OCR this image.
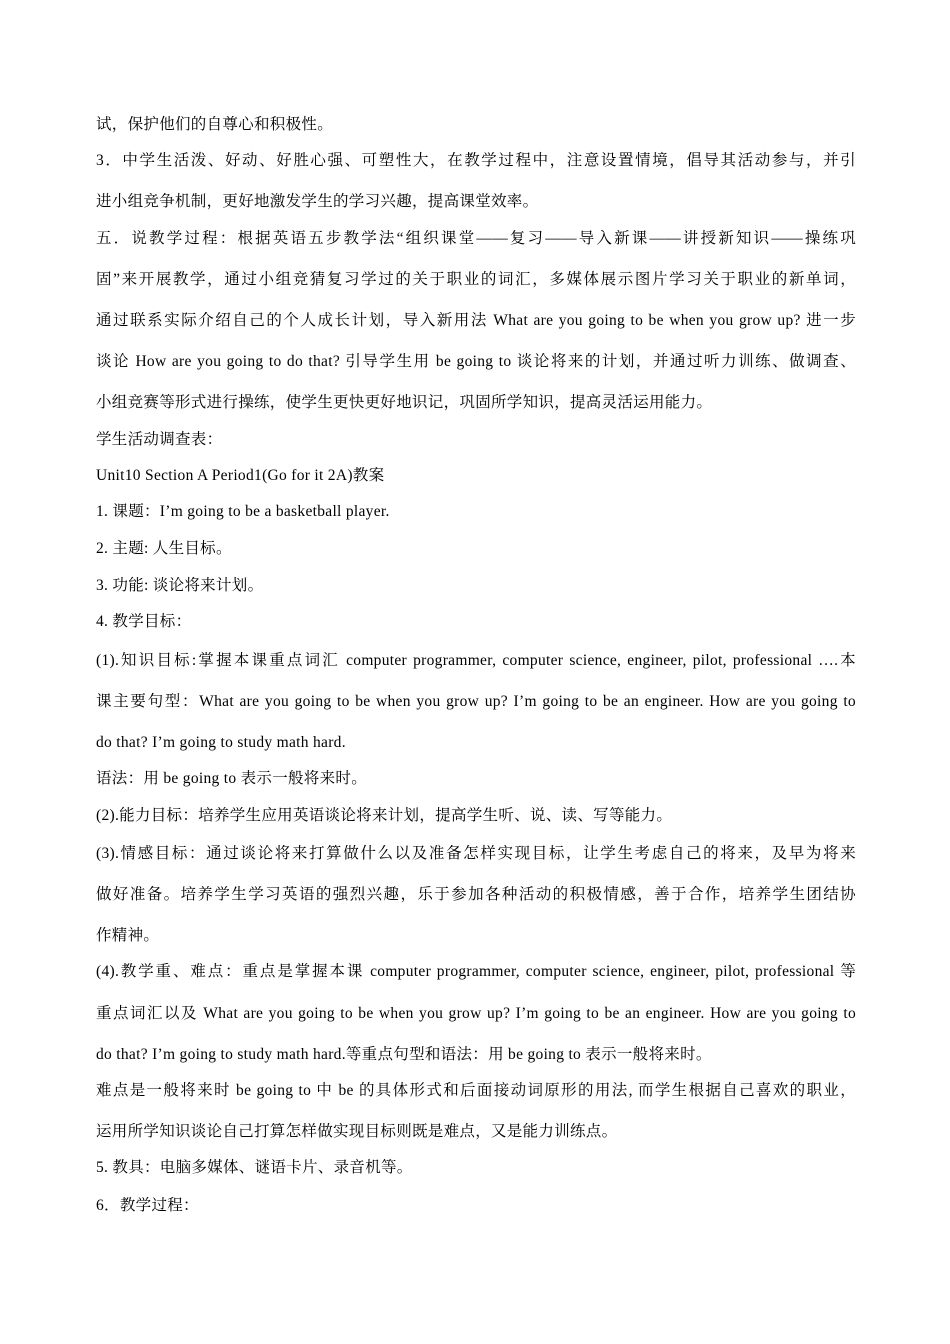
试，保护他们的自尊心和积极性。
3．中学生活泼、好动、好胜心强、可塑性大，在教学过程中，注意设置情境，倡导其活动参与，并引
进小组竞争机制，更好地激发学生的学习兴趣，提高课堂效率。
五．说教学过程：根据英语五步教学法“组织课堂——复习——导入新课——讲授新知识——操练巩
固”来开展教学，通过小组竞猜复习学过的关于职业的词汇，多媒体展示图片学习关于职业的新单词，
通过联系实际介绍自己的个人成长计划，导入新用法 What are you going to be when you grow up? 进一步
谈论 How are you going to do that? 引导学生用 be going to 谈论将来的计划，并通过听力训练、做调查、
小组竞赛等形式进行操练，使学生更快更好地识记，巩固所学知识，提高灵活运用能力。
学生活动调查表：
Unit10 Section A Period1(Go for it 2A)教案
1. 课题：I’m going to be a basketball player.
2. 主题: 人生目标。
3. 功能: 谈论将来计划。
4. 教学目标：
(1).知识目标:掌握本课重点词汇 computer programmer, computer science, engineer, pilot, professional ….本
课主要句型：What are you going to be when you grow up? I’m going to be an engineer. How are you going to
do that? I’m going to study math hard.
语法：用 be going to 表示一般将来时。
(2).能力目标：培养学生应用英语谈论将来计划，提高学生听、说、读、写等能力。
(3).情感目标：通过谈论将来打算做什么以及准备怎样实现目标，让学生考虑自己的将来，及早为将来
做好准备。培养学生学习英语的强烈兴趣，乐于参加各种活动的积极情感，善于合作，培养学生团结协
作精神。
(4).教学重、难点：重点是掌握本课 computer programmer, computer science, engineer, pilot, professional 等
重点词汇以及 What are you going to be when you grow up? I’m going to be an engineer. How are you going to
do that? I’m going to study math hard.等重点句型和语法：用 be going to 表示一般将来时。
难点是一般将来时 be going to 中 be 的具体形式和后面接动词原形的用法, 而学生根据自己喜欢的职业，
运用所学知识谈论自己打算怎样做实现目标则既是难点，又是能力训练点。
5. 教具：电脑多媒体、谜语卡片、录音机等。
6．教学过程：
